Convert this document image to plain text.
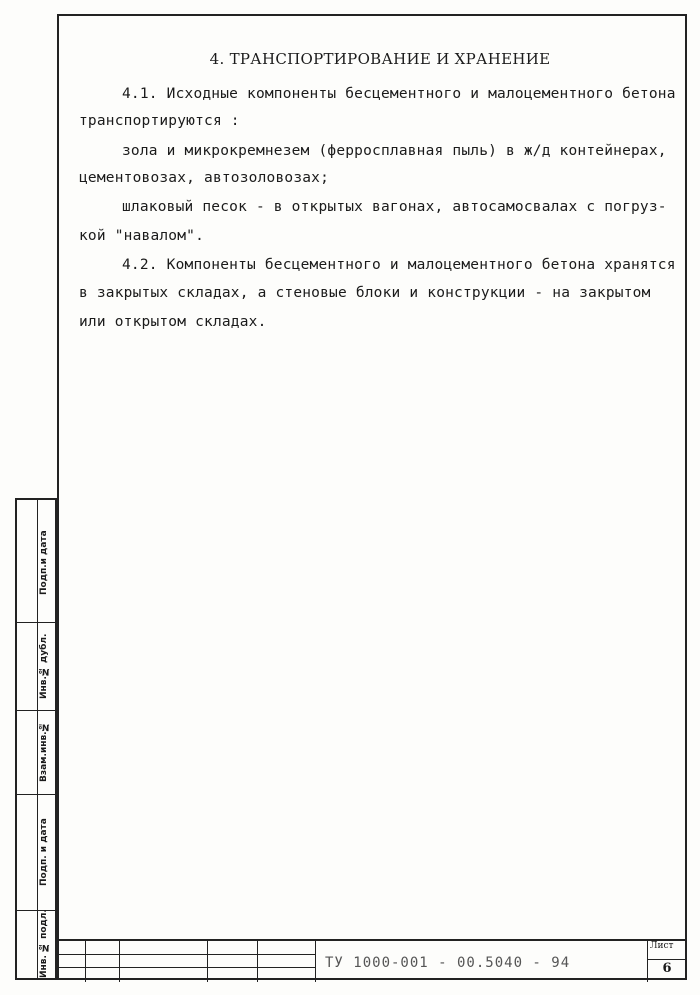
4. ТРАНСПОРТИРОВАНИЕ И ХРАНЕНИЕ
4.1. Исходные компоненты бесцементного и малоцементного бетона
транспортируются :
зола и микрокремнезем (ферросплавная пыль) в ж/д контейнерах,
цементовозах, автозоловозах;
шлаковый песок - в открытых вагонах, автосамосвалах с погруз-
кой "навалом".
4.2. Компоненты бесцементного и малоцементного бетона хранятся
в закрытых складах, а стеновые блоки и конструкции - на закрытом
или открытом складах.
Подп.и дата
Инв.№ дубл.
Взам.инв.№
Подп. и дата
Инв. № подл.	ТУ 1000-001 - 00.5040 - 94
Лист
6
